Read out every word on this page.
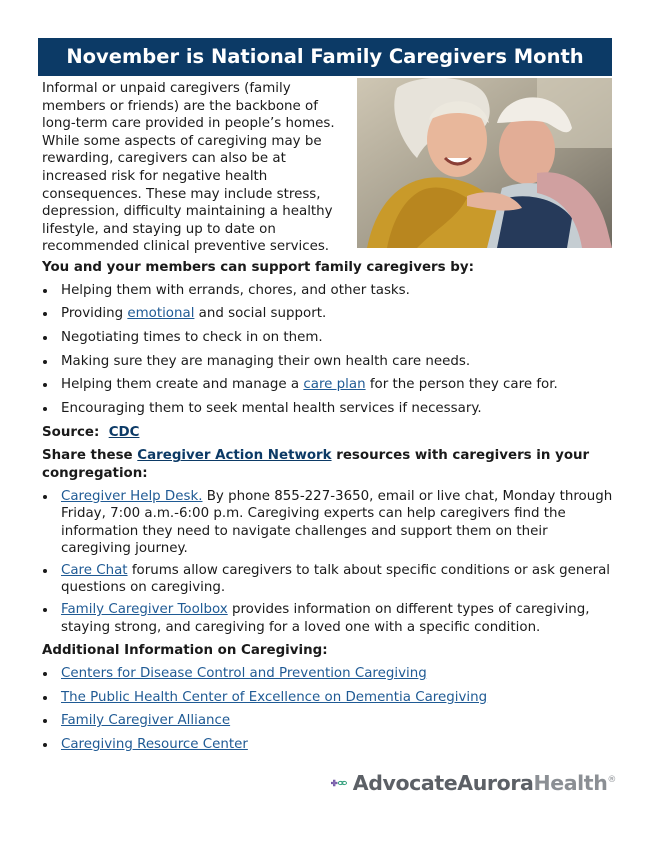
November is National Family Caregivers Month

Informal or unpaid caregivers (family members or friends) are the backbone of long-term care provided in people’s homes. While some aspects of caregiving may be rewarding, caregivers can also be at increased risk for negative health consequences. These may include stress, depression, difficulty maintaining a healthy lifestyle, and staying up to date on recommended clinical preventive services.

You and your members can support family caregivers by:

Helping them with errands, chores, and other tasks.
Providing emotional and social support.
Negotiating times to check in on them.
Making sure they are managing their own health care needs.
Helping them create and manage a care plan for the person they care for.
Encouraging them to seek mental health services if necessary.

Source: CDC

Share these Caregiver Action Network resources with caregivers in your congregation:

Caregiver Help Desk. By phone 855-227-3650, email or live chat, Monday through Friday, 7:00 a.m.-6:00 p.m. Caregiving experts can help caregivers find the information they need to navigate challenges and support them on their caregiving journey.
Care Chat forums allow caregivers to talk about specific conditions or ask general questions on caregiving.
Family Caregiver Toolbox provides information on different types of caregiving, staying strong, and caregiving for a loved one with a specific condition.

Additional Information on Caregiving:

Centers for Disease Control and Prevention Caregiving
The Public Health Center of Excellence on Dementia Caregiving
Family Caregiver Alliance
Caregiving Resource Center
AdvocateAuroraHealth®
